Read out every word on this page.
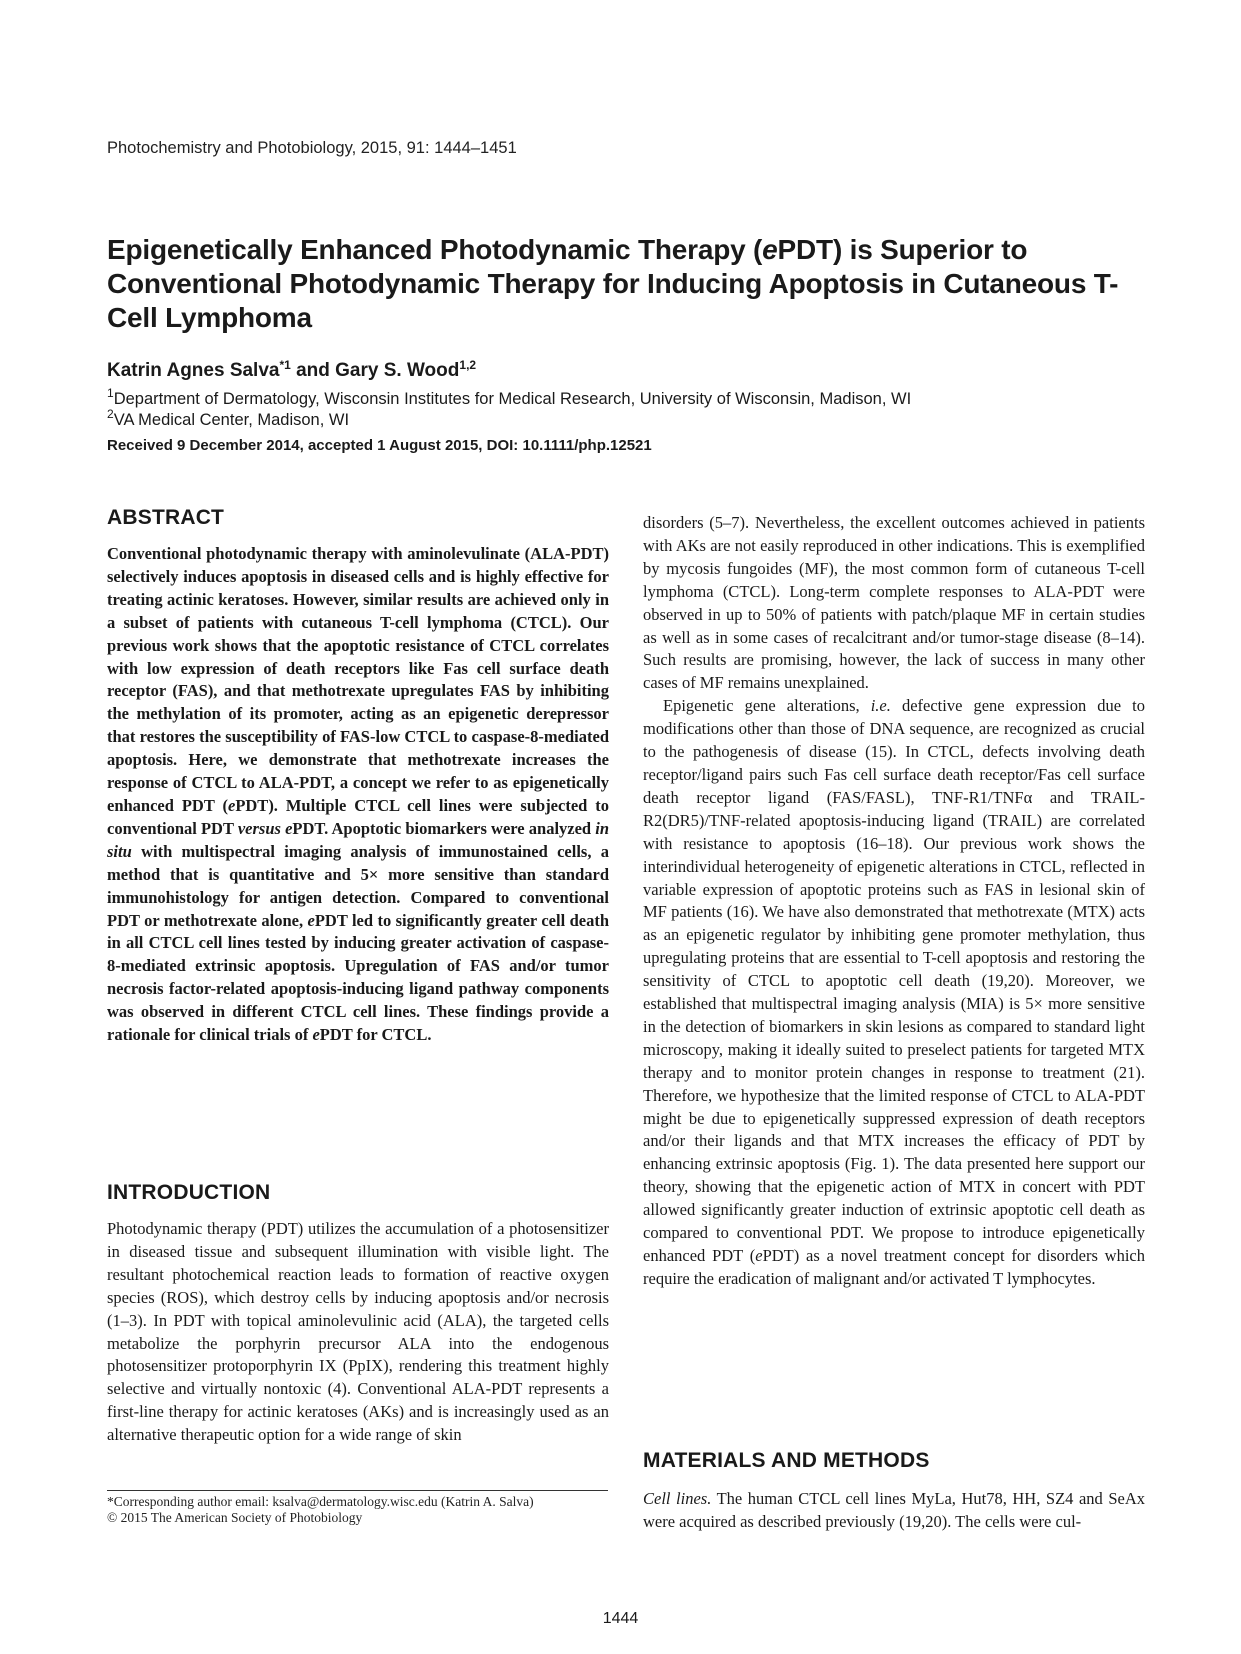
Photochemistry and Photobiology, 2015, 91: 1444–1451
Epigenetically Enhanced Photodynamic Therapy (ePDT) is Superior to Conventional Photodynamic Therapy for Inducing Apoptosis in Cutaneous T-Cell Lymphoma
Katrin Agnes Salva$^{*1}$ and Gary S. Wood$^{1,2}$
$^1$Department of Dermatology, Wisconsin Institutes for Medical Research, University of Wisconsin, Madison, WI
$^2$VA Medical Center, Madison, WI
Received 9 December 2014, accepted 1 August 2015, DOI: 10.1111/php.12521
ABSTRACT

Conventional photodynamic therapy with aminolevulinate (ALA-PDT) selectively induces apoptosis in diseased cells and is highly effective for treating actinic keratoses. However, similar results are achieved only in a subset of patients with cutaneous T-cell lymphoma (CTCL). Our previous work shows that the apoptotic resistance of CTCL correlates with low expression of death receptors like Fas cell surface death receptor (FAS), and that methotrexate upregulates FAS by inhibiting the methylation of its promoter, acting as an epigenetic derepressor that restores the susceptibility of FAS-low CTCL to caspase-8-mediated apoptosis. Here, we demonstrate that methotrexate increases the response of CTCL to ALA-PDT, a concept we refer to as epigenetically enhanced PDT (ePDT). Multiple CTCL cell lines were subjected to conventional PDT versus ePDT. Apoptotic biomarkers were analyzed in situ with multispectral imaging analysis of immunostained cells, a method that is quantitative and 5× more sensitive than standard immunohistology for antigen detection. Compared to conventional PDT or methotrexate alone, ePDT led to significantly greater cell death in all CTCL cell lines tested by inducing greater activation of caspase-8-mediated extrinsic apoptosis. Upregulation of FAS and/or tumor necrosis factor-related apoptosis-inducing ligand pathway components was observed in different CTCL cell lines. These findings provide a rationale for clinical trials of ePDT for CTCL.

INTRODUCTION

Photodynamic therapy (PDT) utilizes the accumulation of a photosensitizer in diseased tissue and subsequent illumination with visible light. The resultant photochemical reaction leads to formation of reactive oxygen species (ROS), which destroy cells by inducing apoptosis and/or necrosis (1–3). In PDT with topical aminolevulinic acid (ALA), the targeted cells metabolize the porphyrin precursor ALA into the endogenous photosensitizer protoporphyrin IX (PpIX), rendering this treatment highly selective and virtually nontoxic (4). Conventional ALA-PDT represents a first-line therapy for actinic keratoses (AKs) and is increasingly used as an alternative therapeutic option for a wide range of skin

disorders (5–7). Nevertheless, the excellent outcomes achieved in patients with AKs are not easily reproduced in other indications. This is exemplified by mycosis fungoides (MF), the most common form of cutaneous T-cell lymphoma (CTCL). Long-term complete responses to ALA-PDT were observed in up to 50% of patients with patch/plaque MF in certain studies as well as in some cases of recalcitrant and/or tumor-stage disease (8–14). Such results are promising, however, the lack of success in many other cases of MF remains unexplained.

Epigenetic gene alterations, i.e. defective gene expression due to modifications other than those of DNA sequence, are recognized as crucial to the pathogenesis of disease (15). In CTCL, defects involving death receptor/ligand pairs such Fas cell surface death receptor/Fas cell surface death receptor ligand (FAS/FASL), TNF-R1/TNFα and TRAIL-R2(DR5)/TNF-related apoptosis-inducing ligand (TRAIL) are correlated with resistance to apoptosis (16–18). Our previous work shows the interindividual heterogeneity of epigenetic alterations in CTCL, reflected in variable expression of apoptotic proteins such as FAS in lesional skin of MF patients (16). We have also demonstrated that methotrexate (MTX) acts as an epigenetic regulator by inhibiting gene promoter methylation, thus upregulating proteins that are essential to T-cell apoptosis and restoring the sensitivity of CTCL to apoptotic cell death (19,20). Moreover, we established that multispectral imaging analysis (MIA) is 5× more sensitive in the detection of biomarkers in skin lesions as compared to standard light microscopy, making it ideally suited to preselect patients for targeted MTX therapy and to monitor protein changes in response to treatment (21). Therefore, we hypothesize that the limited response of CTCL to ALA-PDT might be due to epigenetically suppressed expression of death receptors and/or their ligands and that MTX increases the efficacy of PDT by enhancing extrinsic apoptosis (Fig. 1). The data presented here support our theory, showing that the epigenetic action of MTX in concert with PDT allowed significantly greater induction of extrinsic apoptotic cell death as compared to conventional PDT. We propose to introduce epigenetically enhanced PDT (ePDT) as a novel treatment concept for disorders which require the eradication of malignant and/or activated T lymphocytes.

MATERIALS AND METHODS

Cell lines. The human CTCL cell lines MyLa, Hut78, HH, SZ4 and SeAx were acquired as described previously (19,20). The cells were cul-

*Corresponding author email: ksalva@dermatology.wisc.edu (Katrin A. Salva)
© 2015 The American Society of Photobiology
1444
